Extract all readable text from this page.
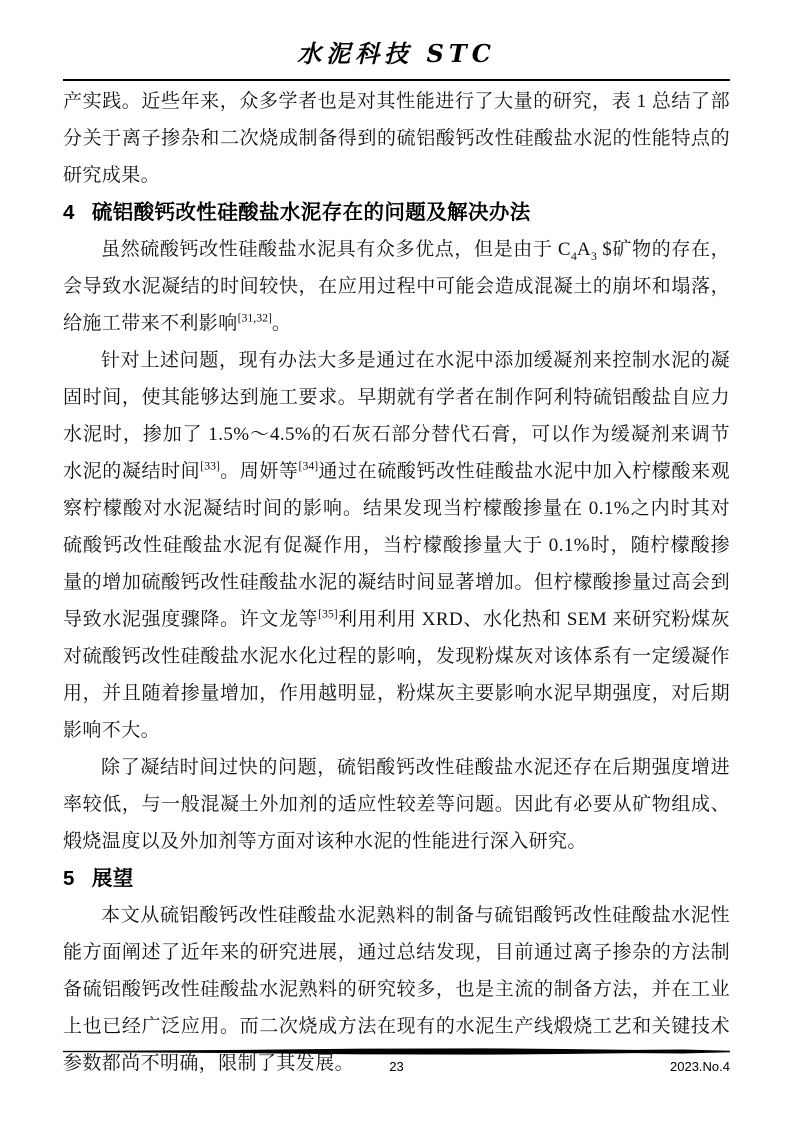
水泥科技 STC

产实践。近些年来，众多学者也是对其性能进行了大量的研究，表 1 总结了部分关于离子掺杂和二次烧成制备得到的硫铝酸钙改性硅酸盐水泥的性能特点的研究成果。

4 硫铝酸钙改性硅酸盐水泥存在的问题及解决办法

虽然硫酸钙改性硅酸盐水泥具有众多优点，但是由于 $C_4A_3$ $矿物的存在，会导致水泥凝结的时间较快，在应用过程中可能会造成混凝土的崩坏和塌落，给施工带来不利影响[31,32]。

针对上述问题，现有办法大多是通过在水泥中添加缓凝剂来控制水泥的凝固时间，使其能够达到施工要求。早期就有学者在制作阿利特硫铝酸盐自应力水泥时，掺加了 1.5%～4.5%的石灰石部分替代石膏，可以作为缓凝剂来调节水泥的凝结时间[33]。周妍等[34]通过在硫酸钙改性硅酸盐水泥中加入柠檬酸来观察柠檬酸对水泥凝结时间的影响。结果发现当柠檬酸掺量在 0.1%之内时其对硫酸钙改性硅酸盐水泥有促凝作用，当柠檬酸掺量大于 0.1%时，随柠檬酸掺量的增加硫酸钙改性硅酸盐水泥的凝结时间显著增加。但柠檬酸掺量过高会到导致水泥强度骤降。许文龙等[35]利用利用 XRD、水化热和 SEM 来研究粉煤灰对硫酸钙改性硅酸盐水泥水化过程的影响，发现粉煤灰对该体系有一定缓凝作用，并且随着掺量增加，作用越明显，粉煤灰主要影响水泥早期强度，对后期影响不大。

除了凝结时间过快的问题，硫铝酸钙改性硅酸盐水泥还存在后期强度增进率较低，与一般混凝土外加剂的适应性较差等问题。因此有必要从矿物组成、煅烧温度以及外加剂等方面对该种水泥的性能进行深入研究。

5 展望

本文从硫铝酸钙改性硅酸盐水泥熟料的制备与硫铝酸钙改性硅酸盐水泥性能方面阐述了近年来的研究进展，通过总结发现，目前通过离子掺杂的方法制备硫铝酸钙改性硅酸盐水泥熟料的研究较多，也是主流的制备方法，并在工业上也已经广泛应用。而二次烧成方法在现有的水泥生产线煅烧工艺和关键技术参数都尚不明确，限制了其发展。	23	2023.No.4
